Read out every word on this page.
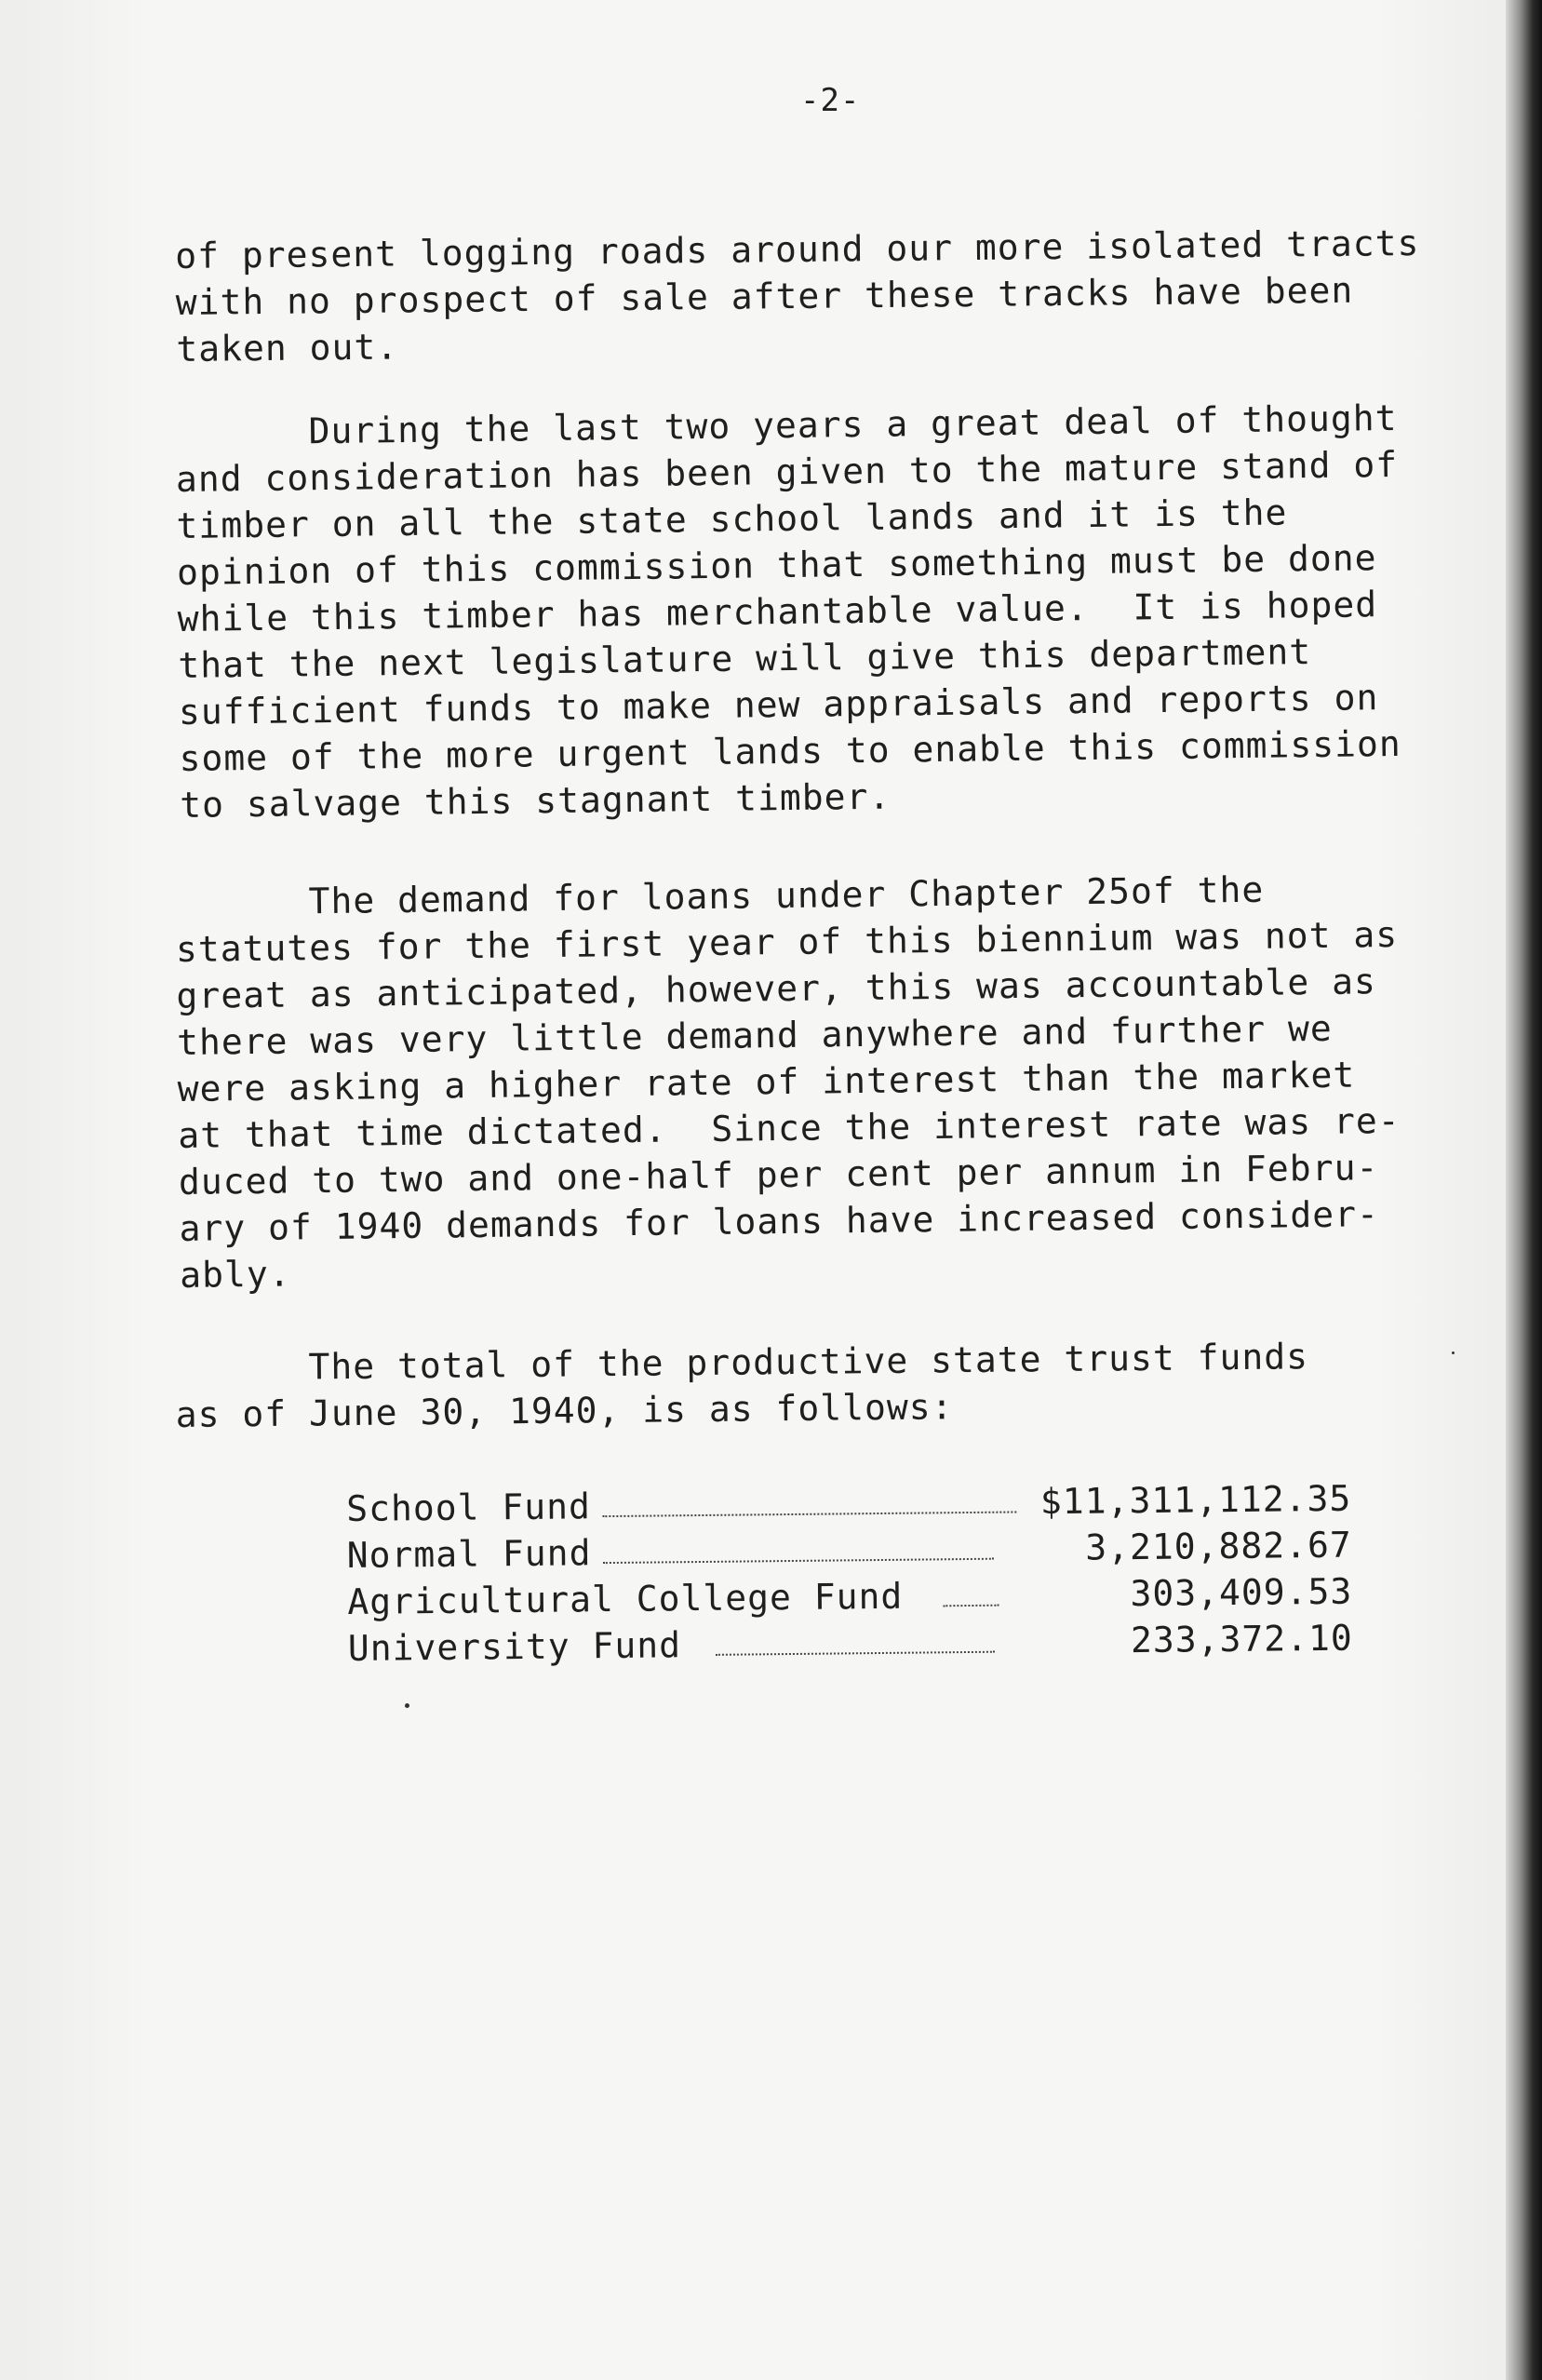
-2-
of present logging roads around our more isolated tracts
with no prospect of sale after these tracks have been
taken out.
During the last two years a great deal of thought
and consideration has been given to the mature stand of
timber on all the state school lands and it is the
opinion of this commission that something must be done
while this timber has merchantable value.  It is hoped
that the next legislature will give this department
sufficient funds to make new appraisals and reports on
some of the more urgent lands to enable this commission
to salvage this stagnant timber.
The demand for loans under Chapter 25of the
statutes for the first year of this biennium was not as
great as anticipated, however, this was accountable as
there was very little demand anywhere and further we
were asking a higher rate of interest than the market
at that time dictated.  Since the interest rate was re-
duced to two and one-half per cent per annum in Febru-
ary of 1940 demands for loans have increased consider-
ably.
The total of the productive state trust funds
as of June 30, 1940, is as follows:
School Fund	$11,311,112.35
Normal Fund	3,210,882.67
Agricultural College Fund	303,409.53
University Fund	233,372.10
